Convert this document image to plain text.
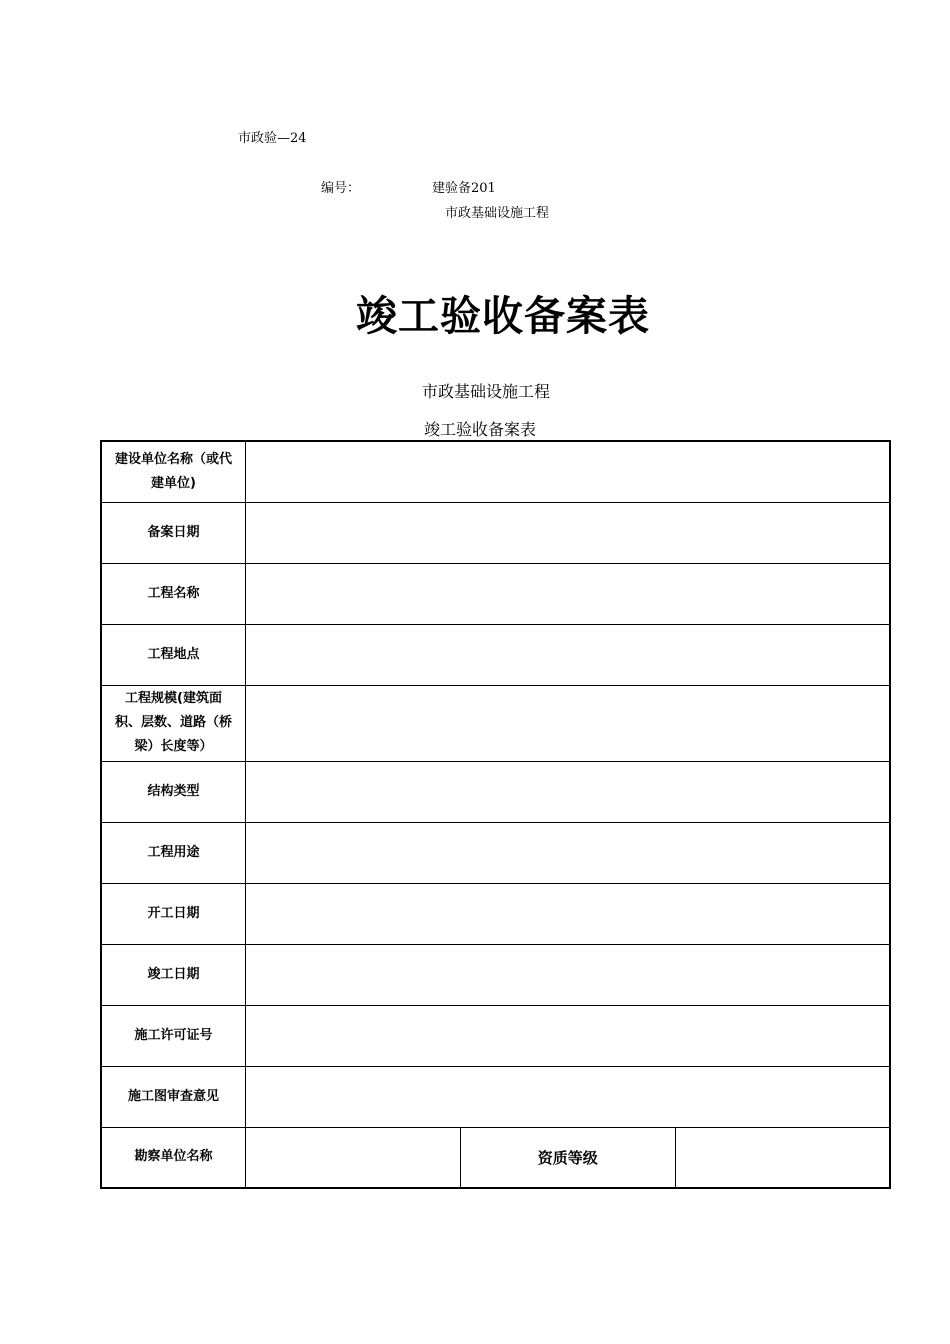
市政验—24
编号：	建验备201
市政基础设施工程
竣工验收备案表
市政基础设施工程
竣工验收备案表
建设单位名称（或代建单位)			
备案日期			
工程名称			
工程地点			
工程规模(建筑面积、层数、道路（桥梁）长度等）			
结构类型			
工程用途			
开工日期			
竣工日期			
施工许可证号			
施工图审查意见			
勘察单位名称		资质等级	
